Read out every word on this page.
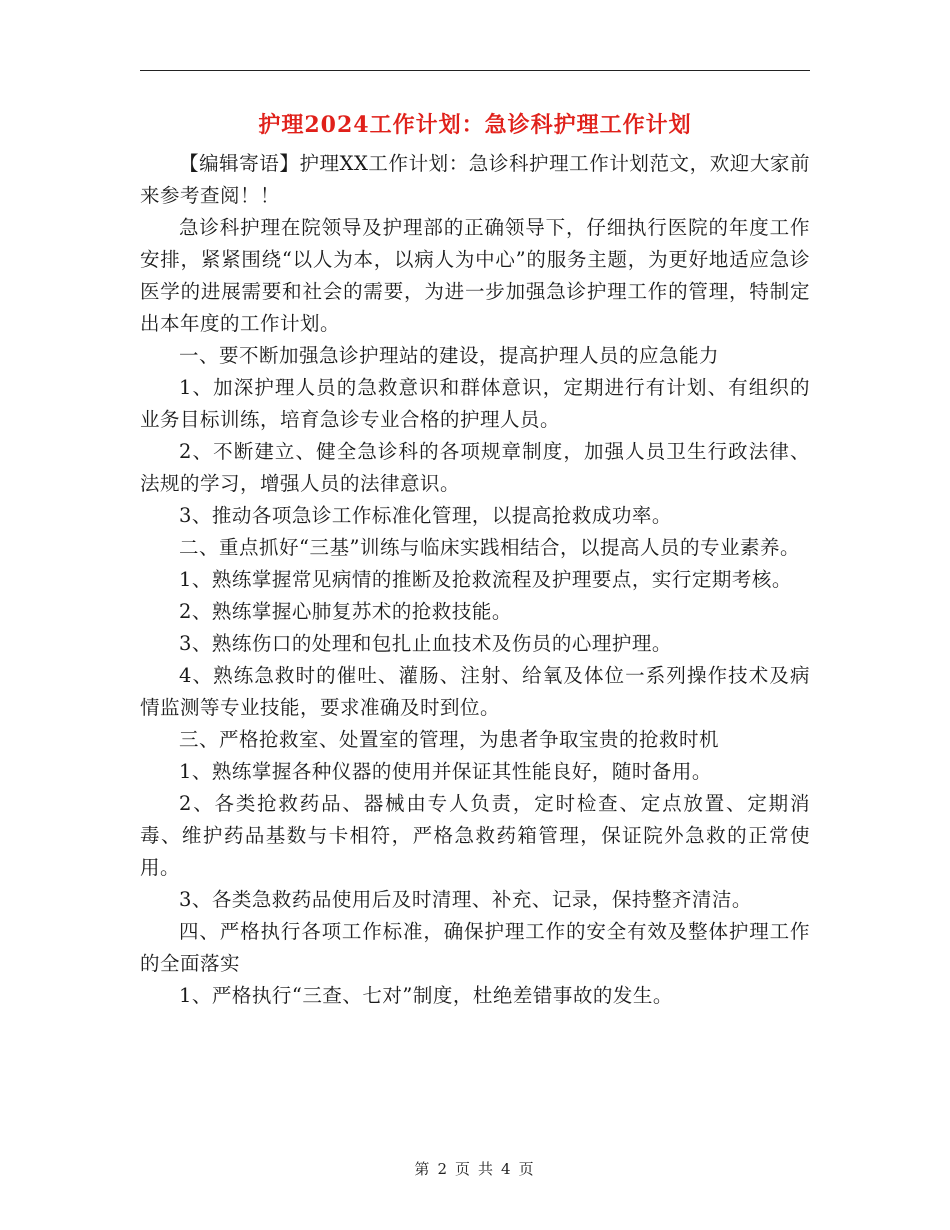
护理2024工作计划：急诊科护理工作计划

【编辑寄语】护理XX工作计划：急诊科护理工作计划范文，欢迎大家前来参考查阅！！

急诊科护理在院领导及护理部的正确领导下，仔细执行医院的年度工作安排，紧紧围绕“以人为本，以病人为中心”的服务主题，为更好地适应急诊医学的进展需要和社会的需要，为进一步加强急诊护理工作的管理，特制定出本年度的工作计划。

一、要不断加强急诊护理站的建设，提高护理人员的应急能力

1、加深护理人员的急救意识和群体意识，定期进行有计划、有组织的业务目标训练，培育急诊专业合格的护理人员。

2、不断建立、健全急诊科的各项规章制度，加强人员卫生行政法律、法规的学习，增强人员的法律意识。

3、推动各项急诊工作标准化管理，以提高抢救成功率。

二、重点抓好“三基”训练与临床实践相结合，以提高人员的专业素养。

1、熟练掌握常见病情的推断及抢救流程及护理要点，实行定期考核。

2、熟练掌握心肺复苏术的抢救技能。

3、熟练伤口的处理和包扎止血技术及伤员的心理护理。

4、熟练急救时的催吐、灌肠、注射、给氧及体位一系列操作技术及病情监测等专业技能，要求准确及时到位。

三、严格抢救室、处置室的管理，为患者争取宝贵的抢救时机

1、熟练掌握各种仪器的使用并保证其性能良好，随时备用。

2、各类抢救药品、器械由专人负责，定时检查、定点放置、定期消毒、维护药品基数与卡相符，严格急救药箱管理，保证院外急救的正常使用。

3、各类急救药品使用后及时清理、补充、记录，保持整齐清洁。

四、严格执行各项工作标准，确保护理工作的安全有效及整体护理工作的全面落实

1、严格执行“三查、七对”制度，杜绝差错事故的发生。

第 2 页 共 4 页
